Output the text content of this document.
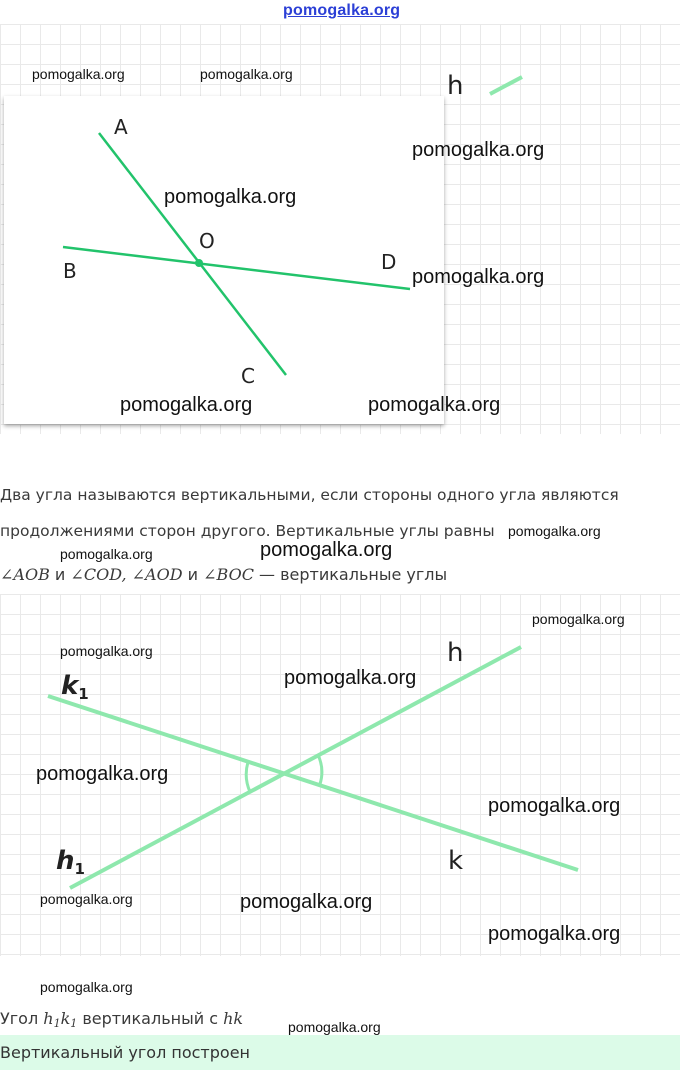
pomogalka.org
h
A
O
B	D
C
pomogalka.org	pomogalka.org
pomogalka.org
pomogalka.org
pomogalka.org
pomogalka.org	pomogalka.org
Два угла называются вертикальными, если стороны одного угла являются
продолжениями сторон другого. Вертикальные углы равны
∠AOB и ∠COD, ∠AOD и ∠BOC — вертикальные углы
pomogalka.org
pomogalka.org	pomogalka.org
k1
h1
h
k
pomogalka.org
pomogalka.org
pomogalka.org
pomogalka.org
pomogalka.org
pomogalka.org	pomogalka.org
pomogalka.org
pomogalka.org
Угол h1k1 вертикальный с hk	pomogalka.org
Вертикальный угол построен
